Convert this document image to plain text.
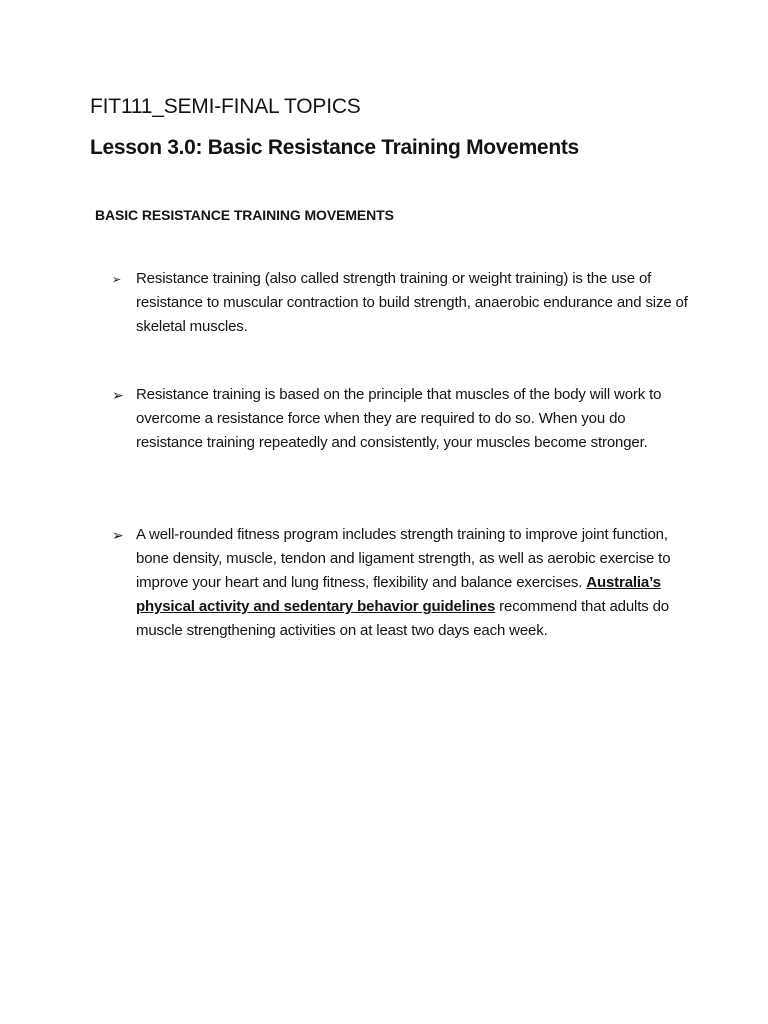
FIT111_SEMI-FINAL TOPICS
Lesson 3.0: Basic Resistance Training Movements
BASIC RESISTANCE TRAINING MOVEMENTS
➢ Resistance training (also called strength training or weight training) is the use of resistance to muscular contraction to build strength, anaerobic endurance and size of skeletal muscles.
➢ Resistance training is based on the principle that muscles of the body will work to overcome a resistance force when they are required to do so. When you do resistance training repeatedly and consistently, your muscles become stronger.
➢ A well-rounded fitness program includes strength training to improve joint function, bone density, muscle, tendon and ligament strength, as well as aerobic exercise to improve your heart and lung fitness, flexibility and balance exercises. Australia’s physical activity and sedentary behavior guidelines recommend that adults do muscle strengthening activities on at least two days each week.
